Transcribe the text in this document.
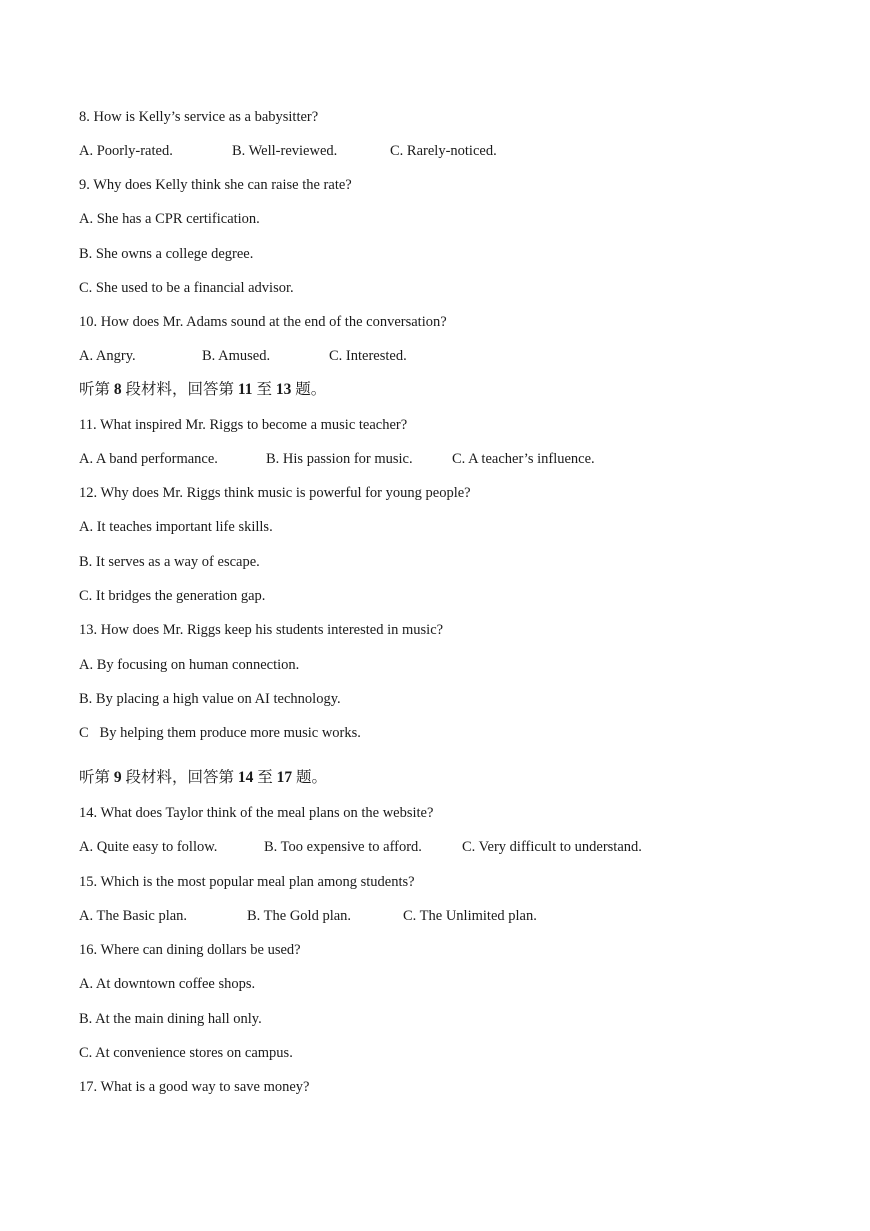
8. How is Kelly’s service as a babysitter?
A. Poorly-rated.	B. Well-reviewed.	C. Rarely-noticed.
9. Why does Kelly think she can raise the rate?
A. She has a CPR certification.
B. She owns a college degree.
C. She used to be a financial advisor.
10. How does Mr. Adams sound at the end of the conversation?
A. Angry.	B. Amused.	C. Interested.
听第 8 段材料，回答第 11 至 13 题。
11. What inspired Mr. Riggs to become a music teacher?
A. A band performance.	B. His passion for music.	C. A teacher’s influence.
12. Why does Mr. Riggs think music is powerful for young people?
A. It teaches important life skills.
B. It serves as a way of escape.
C. It bridges the generation gap.
13. How does Mr. Riggs keep his students interested in music?
A. By focusing on human connection.
B. By placing a high value on AI technology.
C   By helping them produce more music works.
听第 9 段材料，回答第 14 至 17 题。
14. What does Taylor think of the meal plans on the website?
A. Quite easy to follow.	B. Too expensive to afford.	C. Very difficult to understand.
15. Which is the most popular meal plan among students?
A. The Basic plan.	B. The Gold plan.	C. The Unlimited plan.
16. Where can dining dollars be used?
A. At downtown coffee shops.
B. At the main dining hall only.
C. At convenience stores on campus.
17. What is a good way to save money?
